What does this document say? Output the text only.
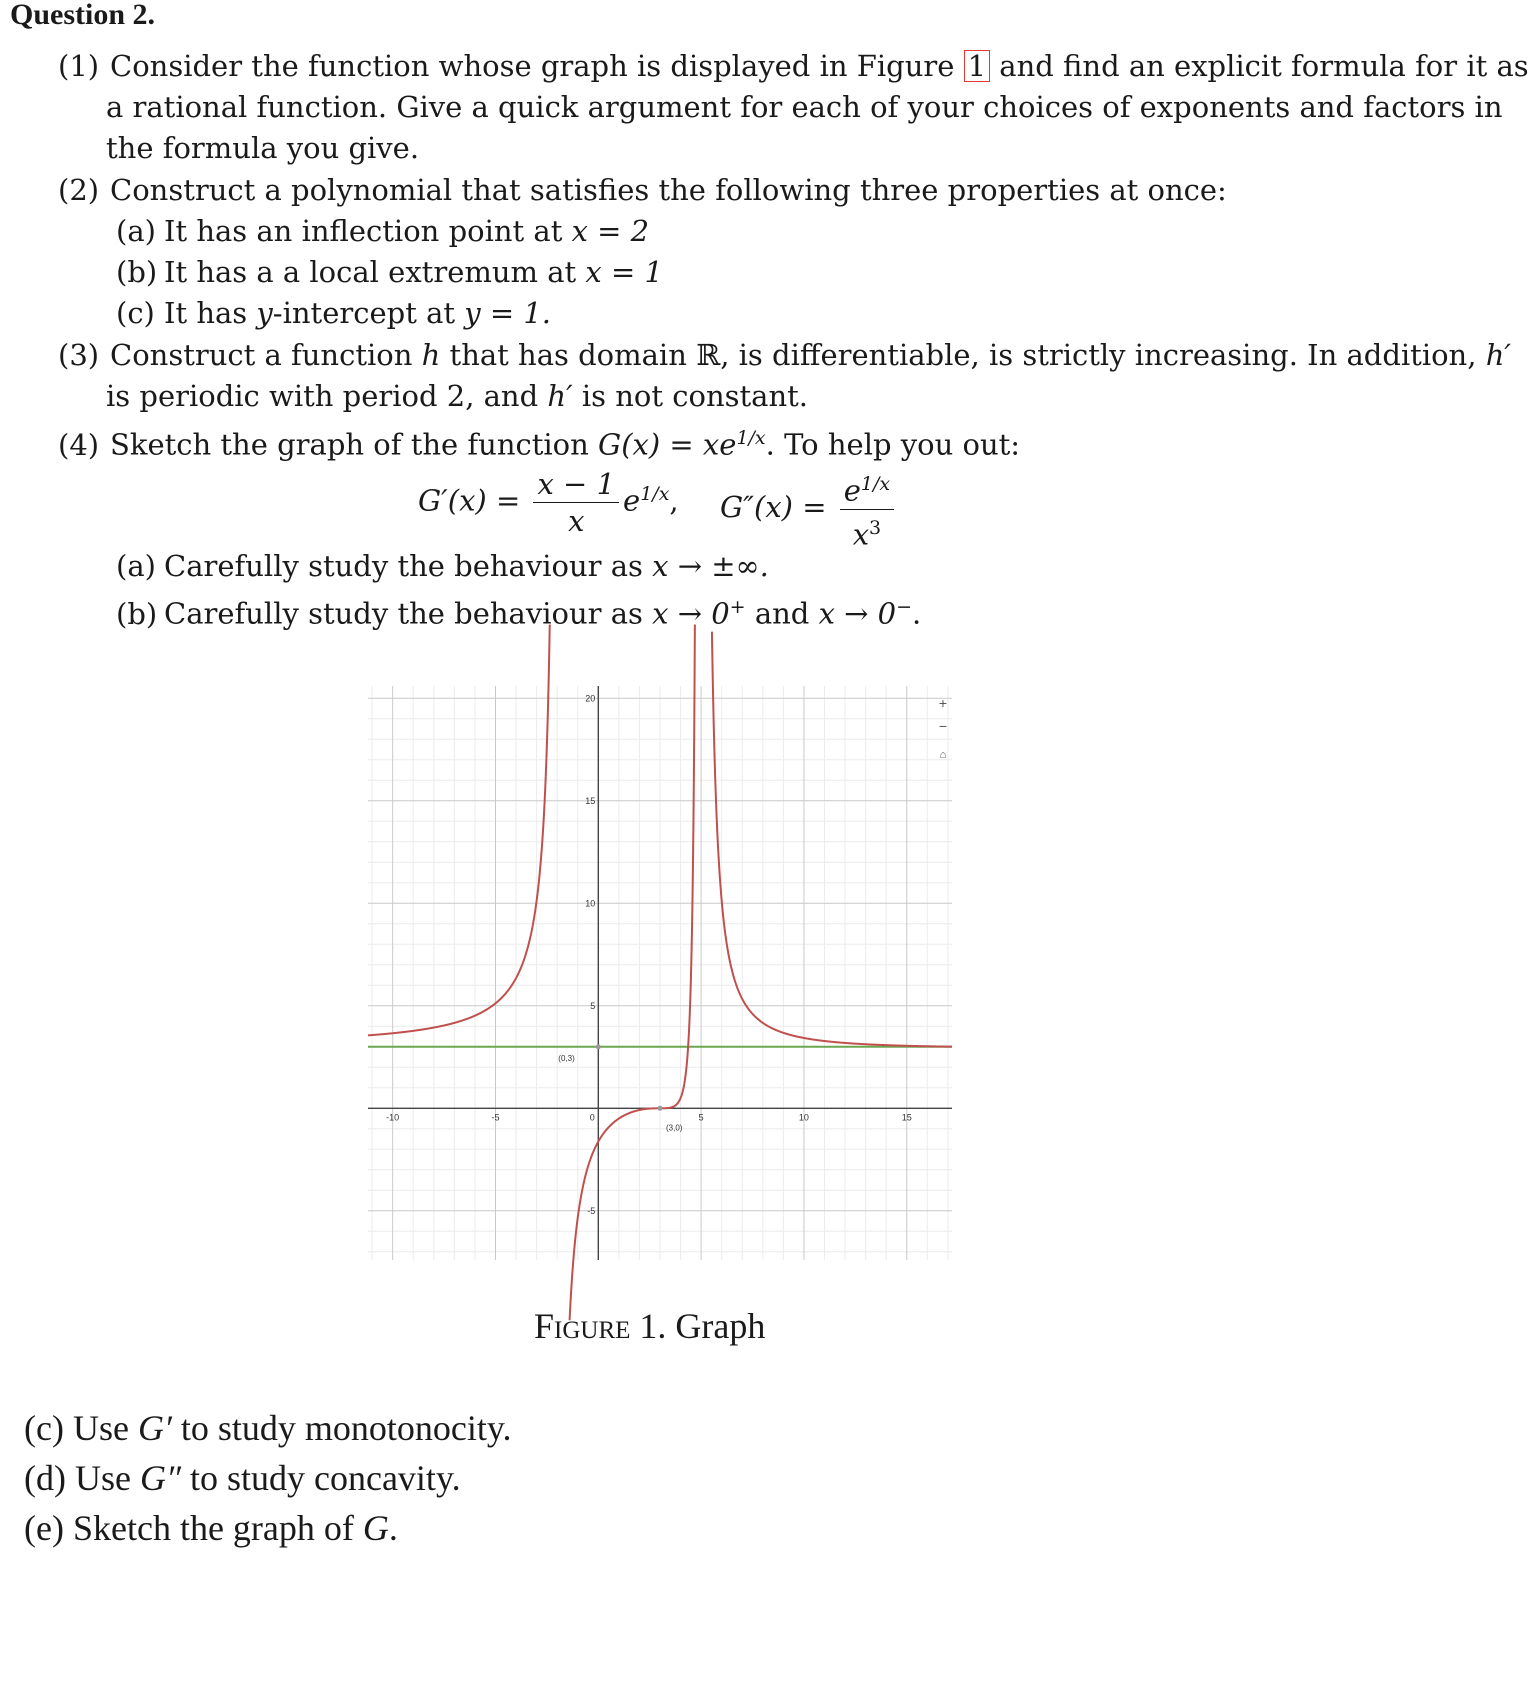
Question 2.
(1) Consider the function whose graph is displayed in Figure 1 and find an explicit formula for it as
a rational function. Give a quick argument for each of your choices of exponents and factors in
the formula you give.
(2) Construct a polynomial that satisfies the following three properties at once:
(a) It has an inflection point at x = 2
(b) It has a a local extremum at x = 1
(c) It has y-intercept at y = 1.
(3) Construct a function h that has domain ℝ, is differentiable, is strictly increasing. In addition, h′
is periodic with period 2, and h′ is not constant.
(4) Sketch the graph of the function $G(x) = xe^{1/x}$. To help you out:
$G'(x) = \frac{x - 1}{x} e^{1/x}$, $G''(x) = \frac{e^{1/x}}{x^3}$
(a) Carefully study the behaviour as x → ±∞.
(b) Carefully study the behaviour as x → 0+ and x → 0−.
-10	-5	0	5	10	15
-5
5
10
15
20
(0,3)
(3,0)
+
−
⌂
Figure 1. Graph
(c) Use G′ to study monotonocity.
(d) Use G″ to study concavity.
(e) Sketch the graph of G.
